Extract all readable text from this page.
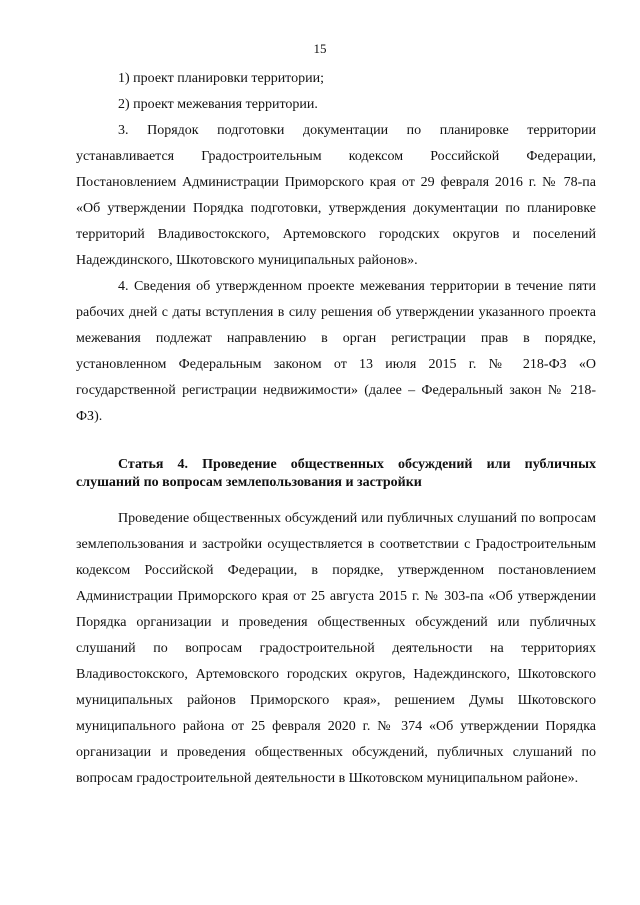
15

1) проект планировки территории;

2) проект межевания территории.

3. Порядок подготовки документации по планировке территории устанавливается Градостроительным кодексом Российской Федерации, Постановлением Администрации Приморского края от 29 февраля 2016 г. № 78-па «Об утверждении Порядка подготовки, утверждения документации по планировке территорий Владивостокского, Артемовского городских округов и поселений Надеждинского, Шкотовского муниципальных районов».

4. Сведения об утвержденном проекте межевания территории в течение пяти рабочих дней с даты вступления в силу решения об утверждении указанного проекта межевания подлежат направлению в орган регистрации прав в порядке, установленном Федеральным законом от 13 июля 2015 г. № 218-ФЗ «О государственной регистрации недвижимости» (далее – Федеральный закон № 218-ФЗ).

Статья 4. Проведение общественных обсуждений или публичных слушаний по вопросам землепользования и застройки

Проведение общественных обсуждений или публичных слушаний по вопросам землепользования и застройки осуществляется в соответствии с Градостроительным кодексом Российской Федерации, в порядке, утвержденном постановлением Администрации Приморского края от 25 августа 2015 г. № 303-па «Об утверждении Порядка организации и проведения общественных обсуждений или публичных слушаний по вопросам градостроительной деятельности на территориях Владивостокского, Артемовского городских округов, Надеждинского, Шкотовского муниципальных районов Приморского края», решением Думы Шкотовского муниципального района от 25 февраля 2020 г. № 374 «Об утверждении Порядка организации и проведения общественных обсуждений, публичных слушаний по вопросам градостроительной деятельности в Шкотовском муниципальном районе».
